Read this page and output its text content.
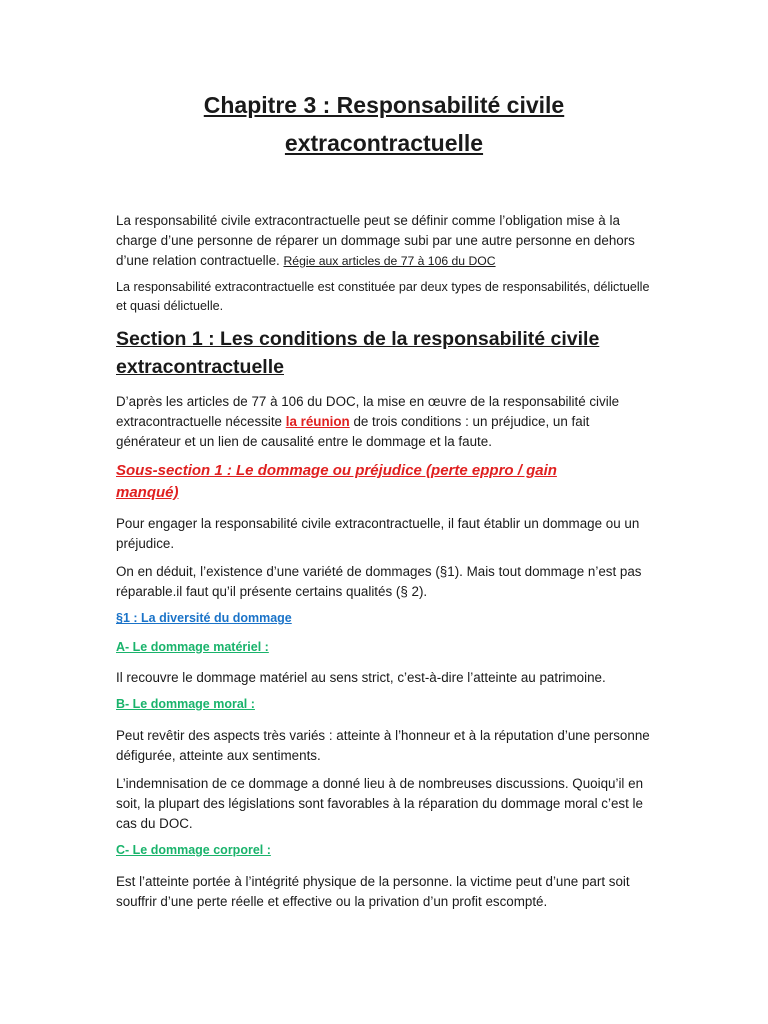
Chapitre 3 : Responsabilité civile
extracontractuelle

La responsabilité civile extracontractuelle peut se définir comme l’obligation mise à la charge d’une personne de réparer un dommage subi par une autre personne en dehors d’une relation contractuelle. Régie aux articles de 77 à 106 du DOC

La responsabilité extracontractuelle est constituée par deux types de responsabilités, délictuelle et quasi délictuelle.

Section 1 : Les conditions de la responsabilité civile
extracontractuelle

D’après les articles de 77 à 106 du DOC, la mise en œuvre de la responsabilité civile extracontractuelle nécessite la réunion de trois conditions : un préjudice, un fait générateur et un lien de causalité entre le dommage et la faute.

Sous-section 1 : Le dommage ou préjudice (perte eppro / gain
manqué)

Pour engager la responsabilité civile extracontractuelle, il faut établir un dommage ou un préjudice.

On en déduit, l’existence d’une variété de dommages (§1). Mais tout dommage n’est pas réparable.il faut qu’il présente certains qualités (§ 2).

§1 : La diversité du dommage

A- Le dommage matériel :

Il recouvre le dommage matériel au sens strict, c’est-à-dire l’atteinte au patrimoine.

B- Le dommage moral :

Peut revêtir des aspects très variés : atteinte à l’honneur et à la réputation d’une personne défigurée, atteinte aux sentiments.

L’indemnisation de ce dommage a donné lieu à de nombreuses discussions. Quoiqu’il en soit, la plupart des législations sont favorables à la réparation du dommage moral c’est le cas du DOC.

C- Le dommage corporel :

Est l’atteinte portée à l’intégrité physique de la personne. la victime peut d’une part soit souffrir d’une perte réelle et effective ou la privation d’un profit escompté.
